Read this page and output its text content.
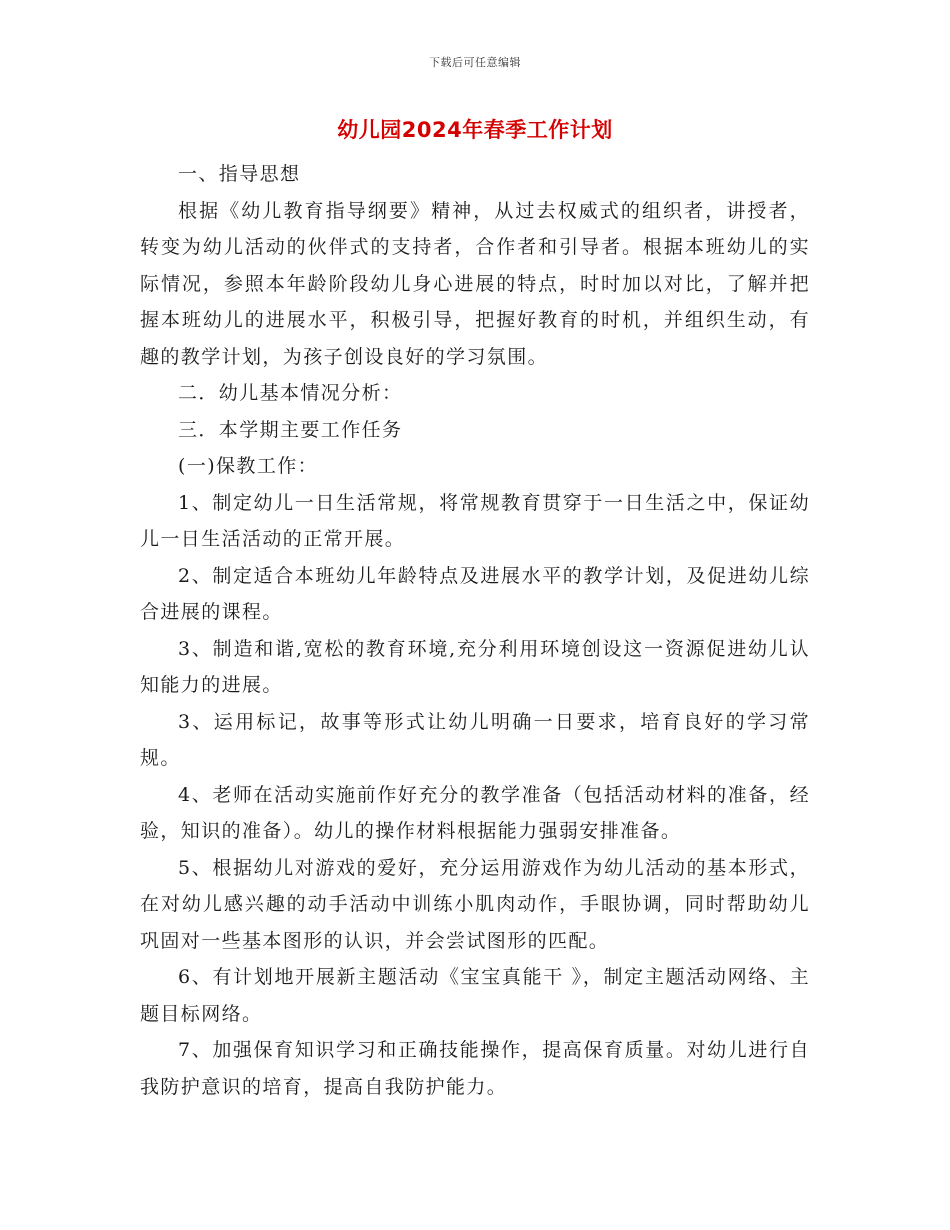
下载后可任意编辑
幼儿园2024年春季工作计划

一、指导思想

根据《幼儿教育指导纲要》精神，从过去权威式的组织者，讲授者，转变为幼儿活动的伙伴式的支持者，合作者和引导者。根据本班幼儿的实际情况，参照本年龄阶段幼儿身心进展的特点，时时加以对比，了解并把握本班幼儿的进展水平，积极引导，把握好教育的时机，并组织生动，有趣的教学计划，为孩子创设良好的学习氛围。

二．幼儿基本情况分析：

三．本学期主要工作任务

(一)保教工作：

1、制定幼儿一日生活常规，将常规教育贯穿于一日生活之中，保证幼儿一日生活活动的正常开展。

2、制定适合本班幼儿年龄特点及进展水平的教学计划，及促进幼儿综合进展的课程。

3、制造和谐,宽松的教育环境,充分利用环境创设这一资源促进幼儿认知能力的进展。

3、运用标记，故事等形式让幼儿明确一日要求，培育良好的学习常规。

4、老师在活动实施前作好充分的教学准备（包括活动材料的准备，经验，知识的准备）。幼儿的操作材料根据能力强弱安排准备。

5、根据幼儿对游戏的爱好，充分运用游戏作为幼儿活动的基本形式，在对幼儿感兴趣的动手活动中训练小肌肉动作，手眼协调，同时帮助幼儿巩固对一些基本图形的认识，并会尝试图形的匹配。

6、有计划地开展新主题活动《宝宝真能干 》，制定主题活动网络、主题目标网络。

7、加强保育知识学习和正确技能操作，提高保育质量。对幼儿进行自我防护意识的培育，提高自我防护能力。
